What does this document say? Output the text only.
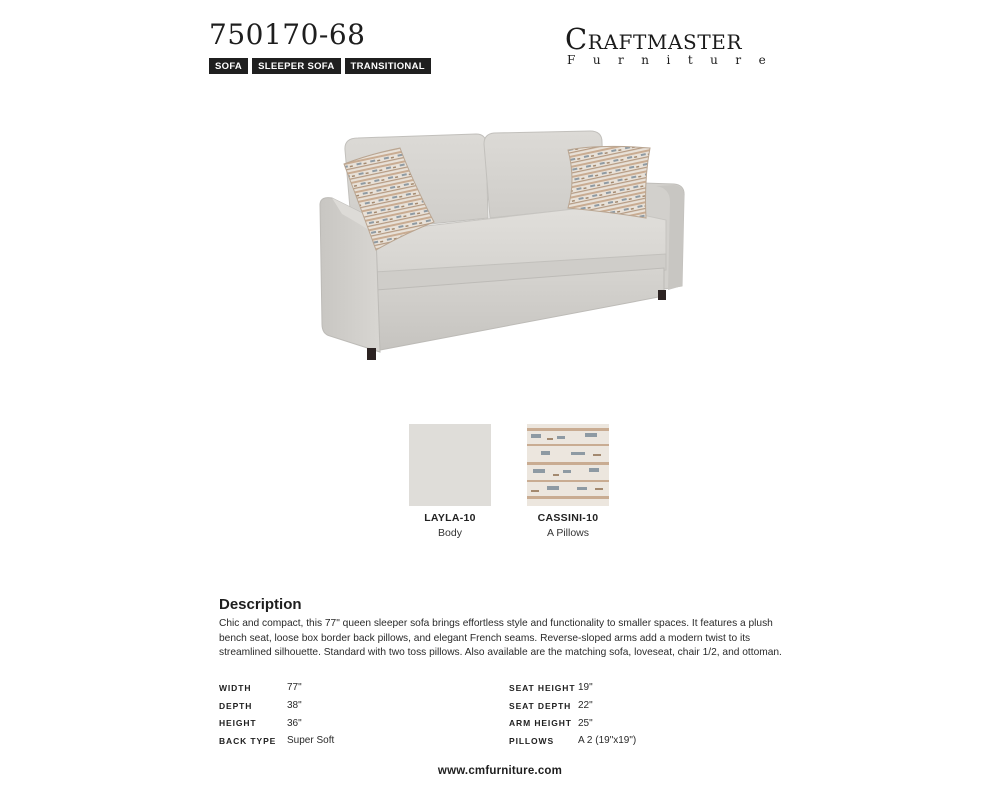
750170-68
SOFA	SLEEPER SOFA	TRANSITIONAL
Craftmaster
Furniture
LAYLA-10
Body
CASSINI-10
A Pillows
Description

Chic and compact, this 77" queen sleeper sofa brings effortless style and functionality to smaller spaces. It features a plush bench seat, loose box border back pillows, and elegant French seams. Reverse-sloped arms add a modern twist to its streamlined silhouette. Standard with two toss pillows. Also available are the matching sofa, loveseat, chair 1/2, and ottoman.

WIDTH	77"
DEPTH	38"
HEIGHT	36"
BACK TYPE	Super Soft
SEAT HEIGHT 19"
SEAT DEPTH 22"
ARM HEIGHT 25"
PILLOWS	A 2 (19"x19")
www.cmfurniture.com
